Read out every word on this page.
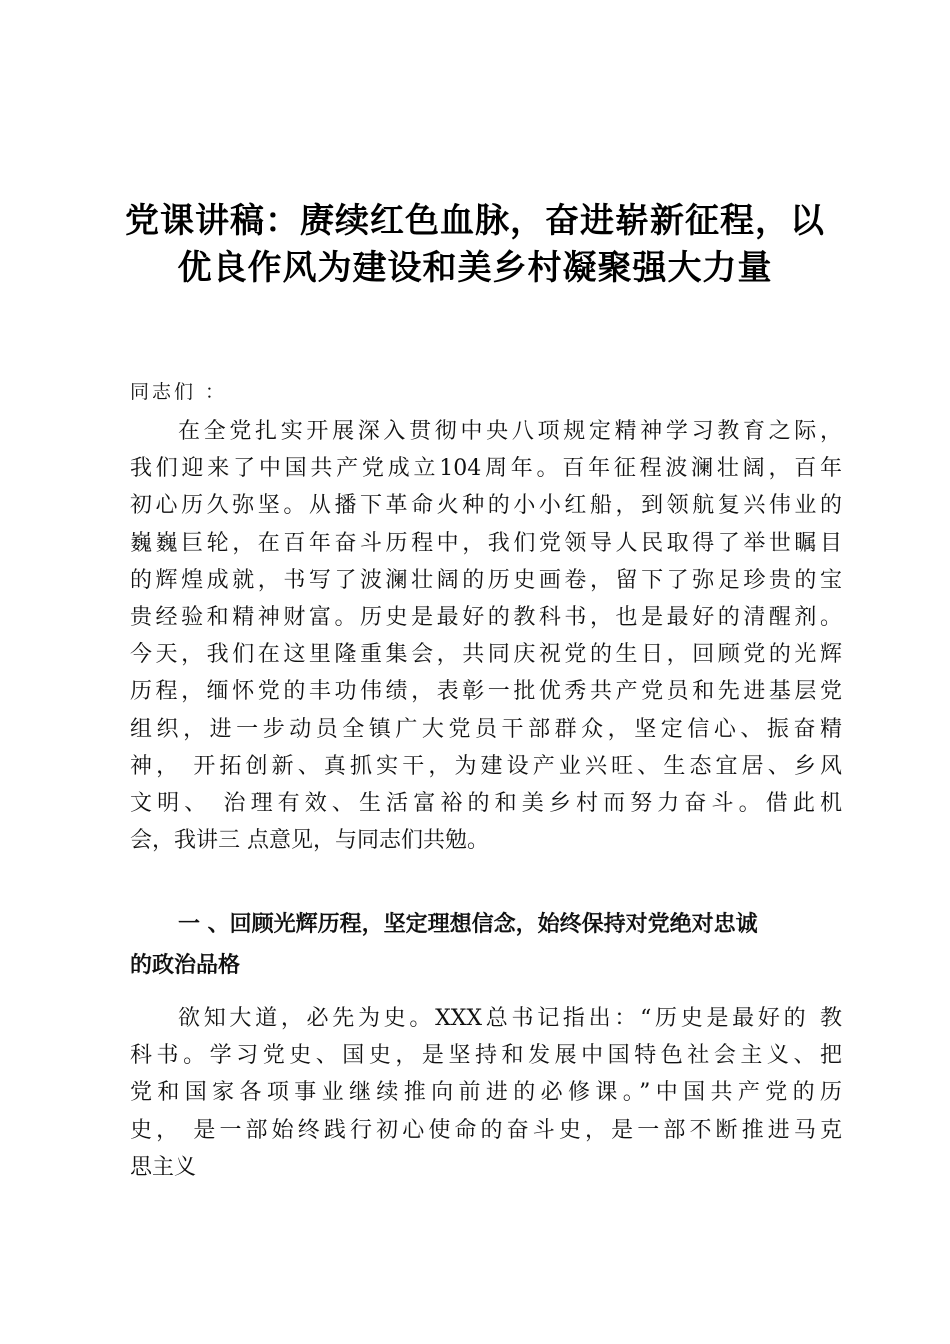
党课讲稿：赓续红色血脉，奋进崭新征程，以
优良作风为建设和美乡村凝聚强大力量
同志们 ：
在全党扎实开展深入贯彻中央八项规定精神学习教育之际，
我们迎来了中国共产党成立104周年。百年征程波澜壮阔，百年
初心历久弥坚。从播下革命火种的小小红船，到领航复兴伟业的
巍巍巨轮，在百年奋斗历程中，我们党领导人民取得了举世瞩目
的辉煌成就，书写了波澜壮阔的历史画卷，留下了弥足珍贵的宝
贵经验和精神财富。历史是最好的教科书，也是最好的清醒剂。
今天，我们在这里隆重集会，共同庆祝党的生日，回顾党的光辉
历程，缅怀党的丰功伟绩，表彰一批优秀共产党员和先进基层党
组织，进一步动员全镇广大党员干部群众，坚定信心、振奋精
神， 开拓创新、真抓实干，为建设产业兴旺、生态宜居、乡风
文明、 治理有效、生活富裕的和美乡村而努力奋斗。借此机
会，我讲三 点意见，与同志们共勉。
一 、回顾光辉历程，坚定理想信念，始终保持对党绝对忠诚
的政治品格
欲知大道，必先为史。XXX总书记指出：“历史是最好的 教
科书。学习党史、国史，是坚持和发展中国特色社会主义、把
党和国家各项事业继续推向前进的必修课。”中国共产党的历
史， 是一部始终践行初心使命的奋斗史，是一部不断推进马克
思主义
